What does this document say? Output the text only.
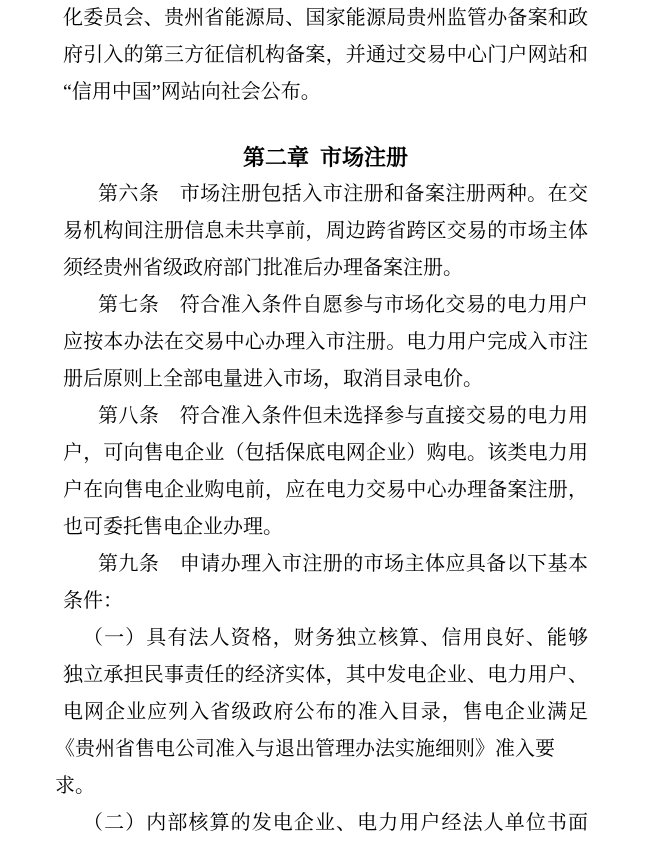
化委员会、贵州省能源局、国家能源局贵州监管办备案和政
府引入的第三方征信机构备案，并通过交易中心门户网站和
“信用中国”网站向社会公布。
第二章 市场注册
第六条　市场注册包括入市注册和备案注册两种。在交
易机构间注册信息未共享前，周边跨省跨区交易的市场主体
须经贵州省级政府部门批准后办理备案注册。
第七条　符合准入条件自愿参与市场化交易的电力用户
应按本办法在交易中心办理入市注册。电力用户完成入市注
册后原则上全部电量进入市场，取消目录电价。
第八条　符合准入条件但未选择参与直接交易的电力用
户，可向售电企业（包括保底电网企业）购电。该类电力用
户在向售电企业购电前，应在电力交易中心办理备案注册，
也可委托售电企业办理。
第九条　申请办理入市注册的市场主体应具备以下基本
条件：
（一）具有法人资格，财务独立核算、信用良好、能够
独立承担民事责任的经济实体，其中发电企业、电力用户、
电网企业应列入省级政府公布的准入目录，售电企业满足
《贵州省售电公司准入与退出管理办法实施细则》准入要求。
（二）内部核算的发电企业、电力用户经法人单位书面
